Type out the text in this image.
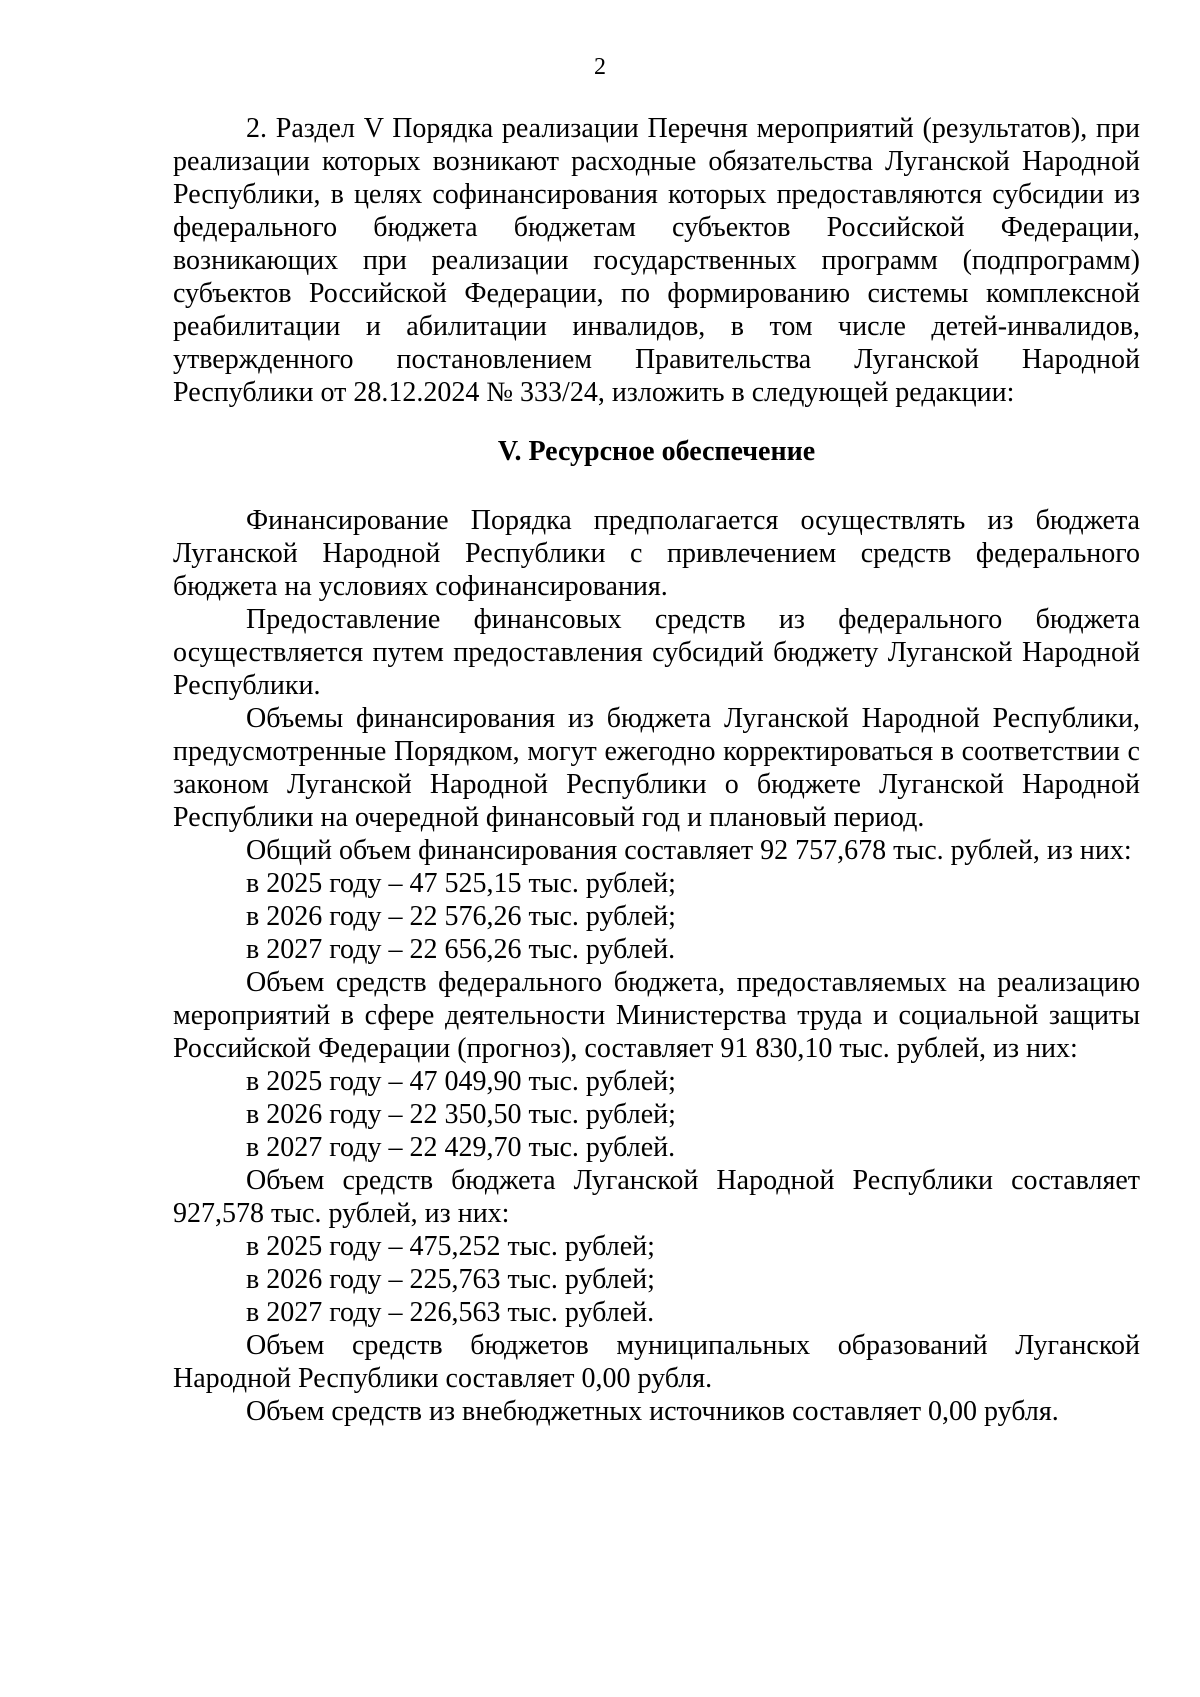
2

2. Раздел V Порядка реализации Перечня мероприятий (результатов), при реализации которых возникают расходные обязательства Луганской Народной Республики, в целях софинансирования которых предоставляются субсидии из федерального бюджета бюджетам субъектов Российской Федерации, возникающих при реализации государственных программ (подпрограмм) субъектов Российской Федерации, по формированию системы комплексной реабилитации и абилитации инвалидов, в том числе детей-инвалидов, утвержденного постановлением Правительства Луганской Народной Республики от 28.12.2024 № 333/24, изложить в следующей редакции:

V. Ресурсное обеспечение

Финансирование Порядка предполагается осуществлять из бюджета Луганской Народной Республики с привлечением средств федерального бюджета на условиях софинансирования.

Предоставление финансовых средств из федерального бюджета осуществляется путем предоставления субсидий бюджету Луганской Народной Республики.

Объемы финансирования из бюджета Луганской Народной Республики, предусмотренные Порядком, могут ежегодно корректироваться в соответствии с законом Луганской Народной Республики о бюджете Луганской Народной Республики на очередной финансовый год и плановый период.

Общий объем финансирования составляет 92 757,678 тыс. рублей, из них:

в 2025 году – 47 525,15 тыс. рублей;

в 2026 году – 22 576,26 тыс. рублей;

в 2027 году – 22 656,26 тыс. рублей.

Объем средств федерального бюджета, предоставляемых на реализацию мероприятий в сфере деятельности Министерства труда и социальной защиты Российской Федерации (прогноз), составляет 91 830,10 тыс. рублей, из них:

в 2025 году – 47 049,90 тыс. рублей;

в 2026 году – 22 350,50 тыс. рублей;

в 2027 году – 22 429,70 тыс. рублей.

Объем средств бюджета Луганской Народной Республики составляет 927,578 тыс. рублей, из них:

в 2025 году – 475,252 тыс. рублей;

в 2026 году – 225,763 тыс. рублей;

в 2027 году – 226,563 тыс. рублей.

Объем средств бюджетов муниципальных образований Луганской Народной Республики составляет 0,00 рубля.

Объем средств из внебюджетных источников составляет 0,00 рубля.
